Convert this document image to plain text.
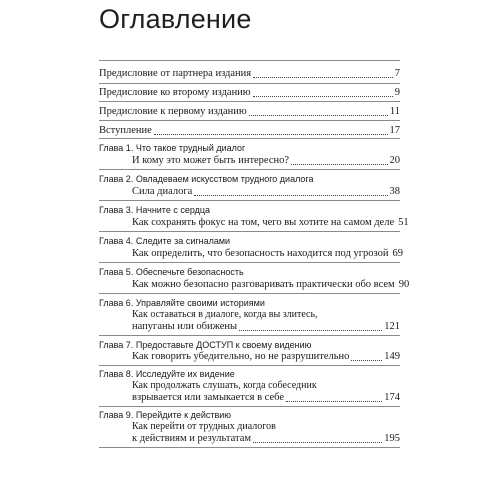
Оглавление
Предисловие от партнера издания	7
Предисловие ко второму изданию	9
Предисловие к первому изданию	11
Вступление	17
Глава 1. Что такое трудный диалог
И кому это может быть интересно?	20
Глава 2. Овладеваем искусством трудного диалога
Сила диалога	38
Глава 3. Начните с сердца
Как сохранять фокус на том, чего вы хотите на самом деле 51
Глава 4. Следите за сигналами
Как определить, что безопасность находится под угрозой 69
Глава 5. Обеспечьте безопасность
Как можно безопасно разговаривать практически обо всем 90
Глава 6. Управляйте своими историями
Как оставаться в диалоге, когда вы злитесь,
напуганы или обижены	121
Глава 7. Предоставьте ДОСТУП к своему видению
Как говорить убедительно, но не разрушительно	149
Глава 8. Исследуйте их видение
Как продолжать слушать, когда собеседник
взрывается или замыкается в себе	174
Глава 9. Перейдите к действию
Как перейти от трудных диалогов
к действиям и результатам	195
